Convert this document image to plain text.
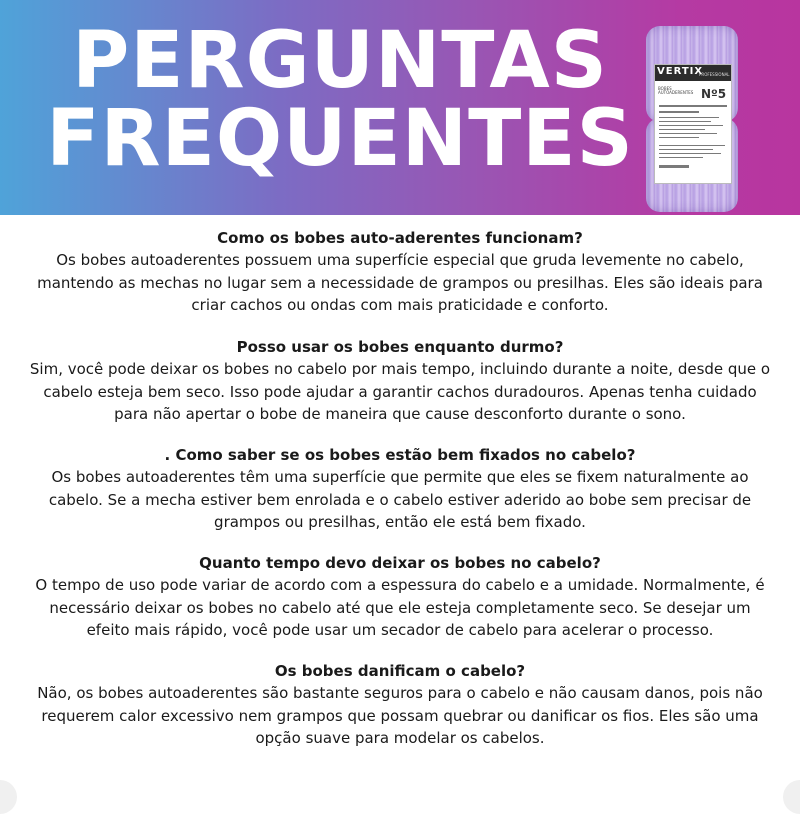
PERGUNTAS
FREQUENTES
VERTIX
PROFESSIONAL
BOBES AUTOADERENTES Nº5

Como os bobes auto-aderentes funcionam?

Os bobes autoaderentes possuem uma superfície especial que gruda levemente no cabelo,

mantendo as mechas no lugar sem a necessidade de grampos ou presilhas. Eles são ideais para

criar cachos ou ondas com mais praticidade e conforto.

Posso usar os bobes enquanto durmo?

Sim, você pode deixar os bobes no cabelo por mais tempo, incluindo durante a noite, desde que o

cabelo esteja bem seco. Isso pode ajudar a garantir cachos duradouros. Apenas tenha cuidado

para não apertar o bobe de maneira que cause desconforto durante o sono.

. Como saber se os bobes estão bem fixados no cabelo?

Os bobes autoaderentes têm uma superfície que permite que eles se fixem naturalmente ao

cabelo. Se a mecha estiver bem enrolada e o cabelo estiver aderido ao bobe sem precisar de

grampos ou presilhas, então ele está bem fixado.

Quanto tempo devo deixar os bobes no cabelo?

O tempo de uso pode variar de acordo com a espessura do cabelo e a umidade. Normalmente, é

necessário deixar os bobes no cabelo até que ele esteja completamente seco. Se desejar um

efeito mais rápido, você pode usar um secador de cabelo para acelerar o processo.

Os bobes danificam o cabelo?

Não, os bobes autoaderentes são bastante seguros para o cabelo e não causam danos, pois não

requerem calor excessivo nem grampos que possam quebrar ou danificar os fios. Eles são uma

opção suave para modelar os cabelos.
